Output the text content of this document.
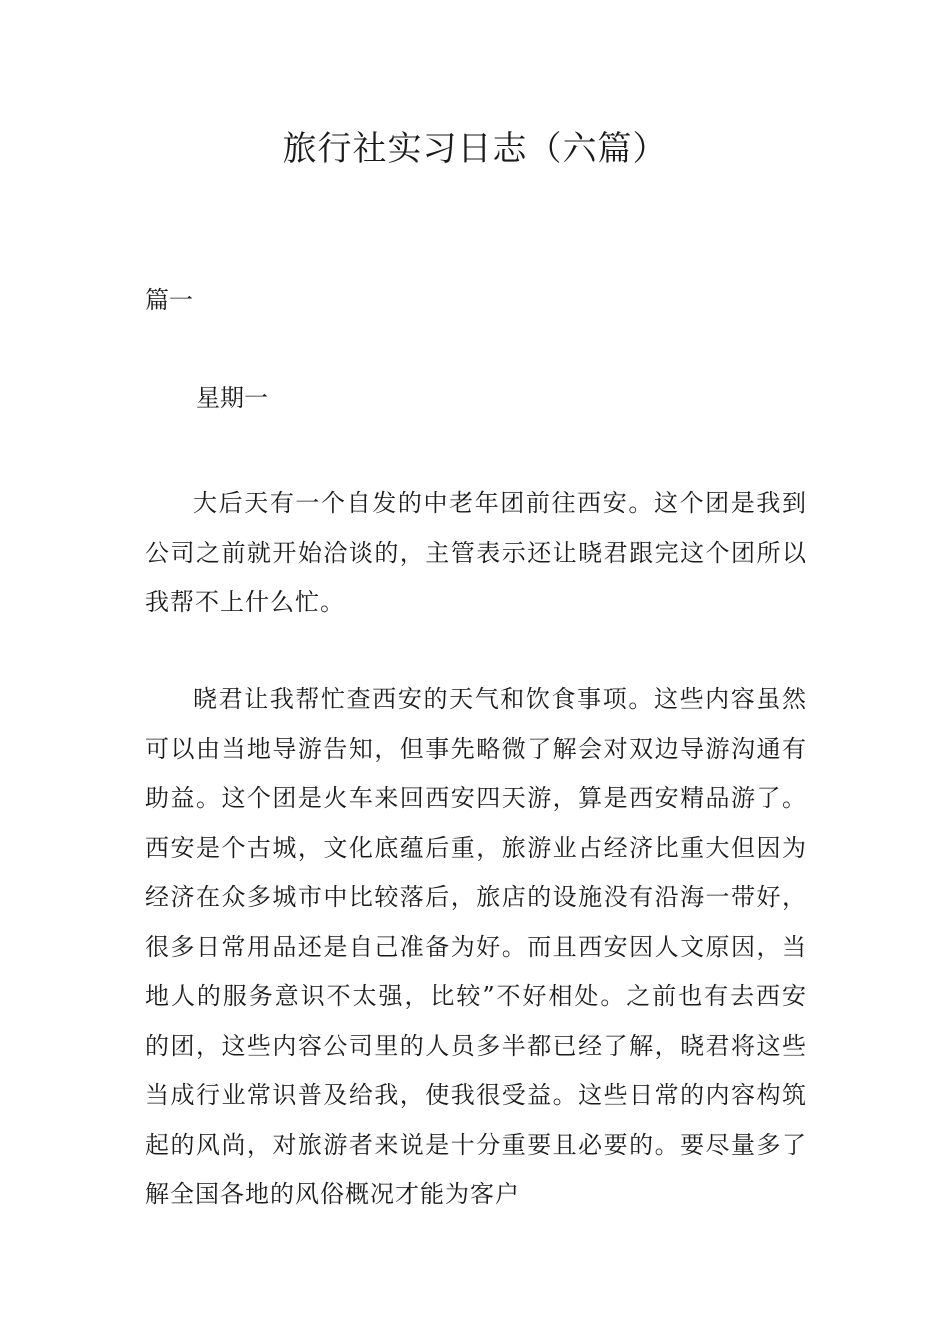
旅行社实习日志（六篇）
篇一
星期一

大后天有一个自发的中老年团前往西安。这个团是我到公司之前就开始洽谈的，主管表示还让晓君跟完这个团所以我帮不上什么忙。

晓君让我帮忙查西安的天气和饮食事项。这些内容虽然可以由当地导游告知，但事先略微了解会对双边导游沟通有助益。这个团是火车来回西安四天游，算是西安精品游了。西安是个古城，文化底蕴后重，旅游业占经济比重大但因为经济在众多城市中比较落后，旅店的设施没有沿海一带好，很多日常用品还是自己准备为好。而且西安因人文原因，当地人的服务意识不太强，比较”不好相处。之前也有去西安的团，这些内容公司里的人员多半都已经了解，晓君将这些当成行业常识普及给我，使我很受益。这些日常的内容构筑起的风尚，对旅游者来说是十分重要且必要的。要尽量多了解全国各地的风俗概况才能为客户
